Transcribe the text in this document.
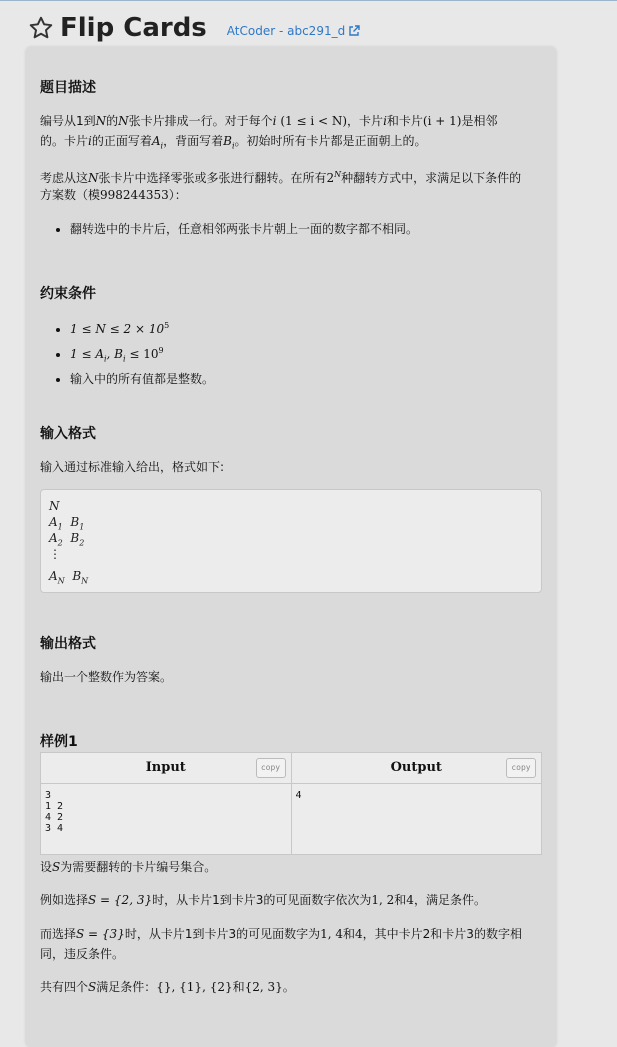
Flip Cards AtCoder - abc291_d
题目描述
编号从1到N的N张卡片排成一行。对于每个i (1 ≤ i < N)，卡片i和卡片(i + 1)是相邻
的。卡片i的正面写着$A_i$，背面写着$B_i$。初始时所有卡片都是正面朝上的。
考虑从这N张卡片中选择零张或多张进行翻转。在所有$2^N$种翻转方式中，求满足以下条件的
方案数（模998244353）：
• 翻转选中的卡片后，任意相邻两张卡片朝上一面的数字都不相同。
约束条件
• $1 \le N \le 2 \times 10^5$
• $1 \le A_i$, $B_i \le 10^9$
• 输入中的所有值都是整数。
输入格式
输入通过标准输入给出，格式如下:
N
$A_1$ $B_1$
$A_2$ $B_2$
⋮
$A_N$ $B_N$
输出格式
输出一个整数作为答案。
样例1
Input copy	Output copy

3
1 2
4 2
3 4	4
设S为需要翻转的卡片编号集合。
例如选择S = {2, 3}时，从卡片1到卡片3的可见面数字依次为1, 2和4，满足条件。
而选择S = {3}时，从卡片1到卡片3的可见面数字为1, 4和4，其中卡片2和卡片3的数字相
同，违反条件。
共有四个S满足条件：{}, {1}, {2}和{2, 3}。
